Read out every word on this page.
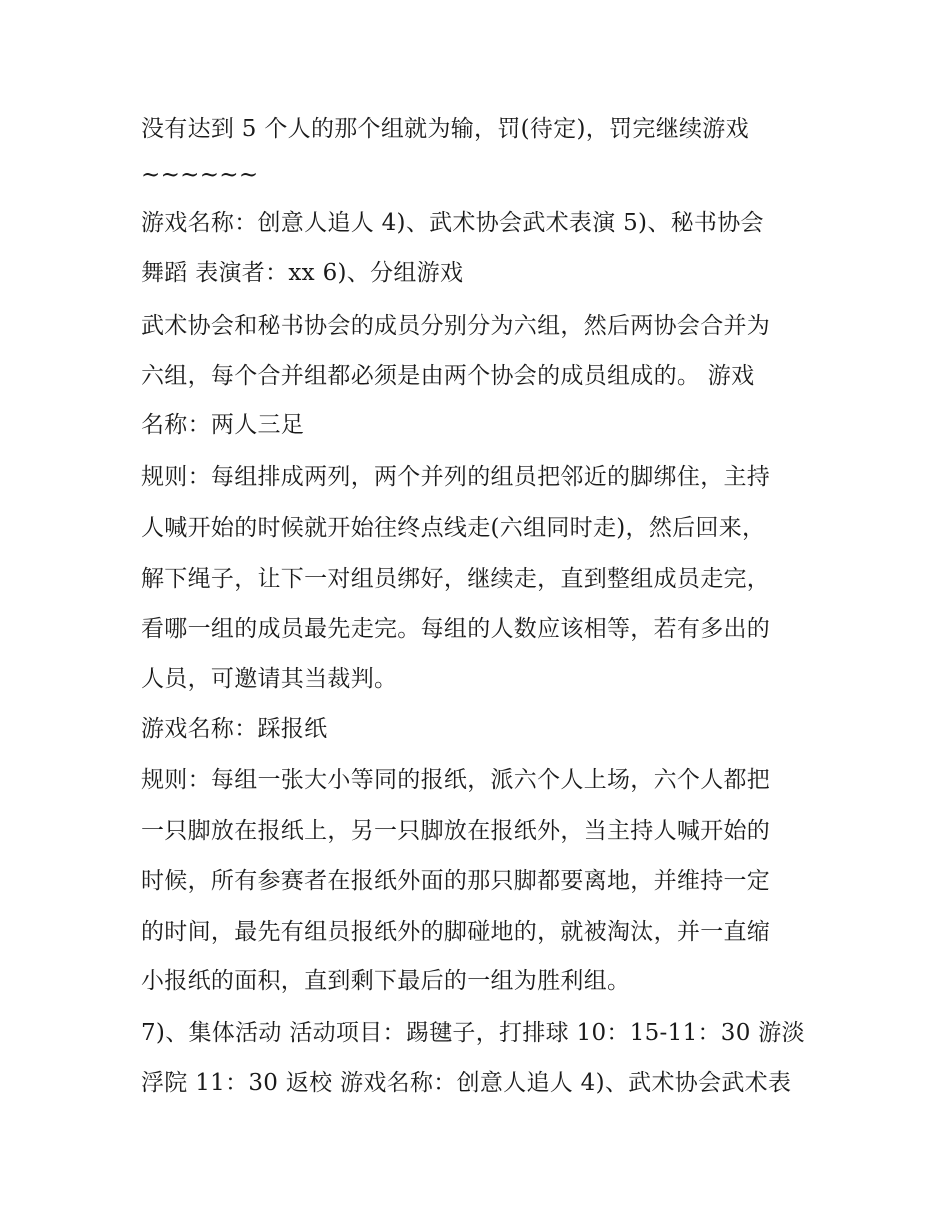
没有达到 5 个人的那个组就为输，罚(待定)，罚完继续游戏
~~~~~~
游戏名称：创意人追人 4)、武术协会武术表演 5)、秘书协会
舞蹈 表演者：xx 6)、分组游戏
武术协会和秘书协会的成员分别分为六组，然后两协会合并为
六组，每个合并组都必须是由两个协会的成员组成的。 游戏
名称：两人三足
规则：每组排成两列，两个并列的组员把邻近的脚绑住，主持
人喊开始的时候就开始往终点线走(六组同时走)，然后回来，
解下绳子，让下一对组员绑好，继续走，直到整组成员走完，
看哪一组的成员最先走完。每组的人数应该相等，若有多出的
人员，可邀请其当裁判。
游戏名称：踩报纸
规则：每组一张大小等同的报纸，派六个人上场，六个人都把
一只脚放在报纸上，另一只脚放在报纸外，当主持人喊开始的
时候，所有参赛者在报纸外面的那只脚都要离地，并维持一定
的时间，最先有组员报纸外的脚碰地的，就被淘汰，并一直缩
小报纸的面积，直到剩下最后的一组为胜利组。
7)、集体活动 活动项目：踢毽子，打排球 10：15-11：30 游淡
浮院 11：30 返校 游戏名称：创意人追人 4)、武术协会武术表
